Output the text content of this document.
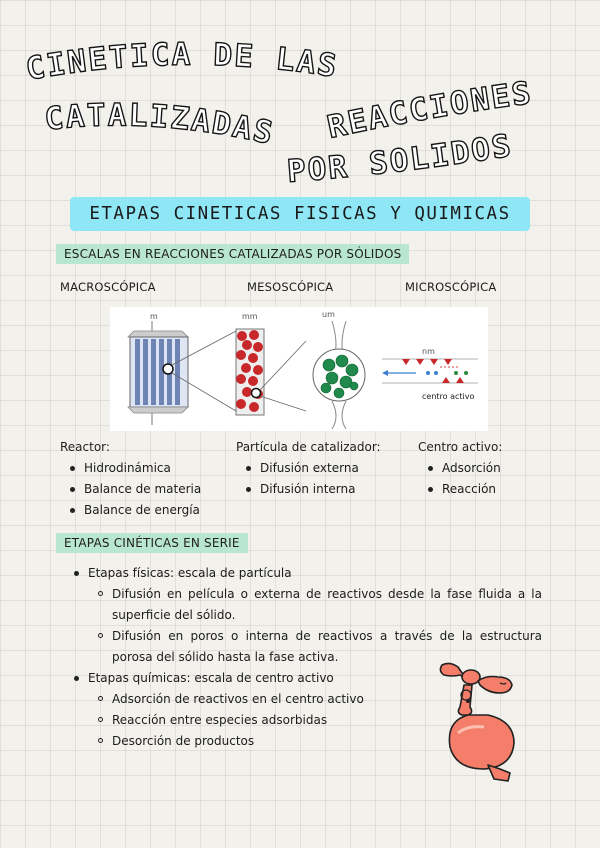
CINETICA DE LAS
CATALIZADAS REACCIONES
POR SOLIDOS
ETAPAS CINETICAS FISICAS Y QUIMICAS
ESCALAS EN REACCIONES CATALIZADAS POR SÓLIDOS
MACROSCÓPICA	MESOSCÓPICA	MICROSCÓPICA
m	mm	um
nm
centro activo
Reactor:
Hidrodinámica
Balance de materia
Balance de energía
Partícula de catalizador:
Difusión externa
Difusión interna
Centro activo:
Adsorción
Reacción
ETAPAS CINÉTICAS EN SERIE
Etapas físicas: escala de partícula
Difusión en película o externa de reactivos desde la fase fluida a la superficie del sólido.
Difusión en poros o interna de reactivos a través de la estructura porosa del sólido hasta la fase activa.
Etapas químicas: escala de centro activo
Adsorción de reactivos en el centro activo
Reacción entre especies adsorbidas
Desorción de productos
